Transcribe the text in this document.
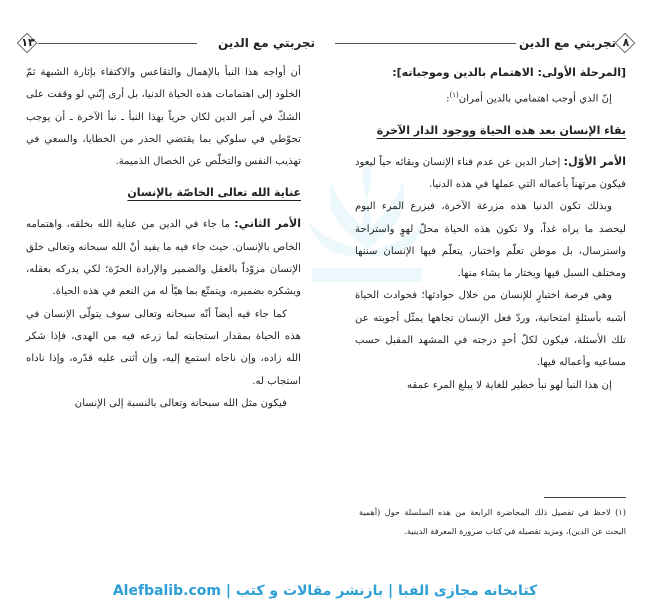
تجربتي مع الدين ٨

[المرحلة الأولى: الاهتمام بالدين وموجباته]:

إنّ الذي أوجب اهتمامي بالدين أمران$^{(١)}$:

بقاء الإنسان بعد هذه الحياة ووجود الدار الآخرة

الأمر الأوّل: إخبار الدين عن عدم فناء الإنسان وبقائه حياً ليعود فيكون مرتهناً بأعماله التي عملها في هذه الدنيا.

وبذلك تكون الدنيا هذه مزرعة الآخرة، فيزرع المرء اليوم ليحصد ما يراه غداً، ولا تكون هذه الحياة محلّ لهوٍ واستراحة واسترسال، بل موطن تعلّم واختبار، يتعلّم فيها الإنسان سننها ومختلف السبل فيها ويختار ما يشاء منها.

وهي فرصة اختبارٍ للإنسان من خلال حوادثها؛ فحوادث الحياة أشبه بأسئلةٍ امتحانية، وردّ فعل الإنسان تجاهها يمثّل أجوبته عن تلك الأسئلة، فيكون لكلّ أحدٍ درجته في المشهد المقبل حسب مساعيه وأعماله فيها.

إن هذا النبأ لهو نبأ خطير للغاية لا يبلغ المرء عمقه

(١) لاحظ في تفصيل ذلك المحاضرة الرابعة من هذه السلسلة حول (أهمية البحث عن الدين)، ومزيد تفصيله في كتاب ضرورة المعرفة الدينية.
تجربتي مع الدين
١٣

أن أواجه هذا النبأ بالإهمال والتقاعس والاكتفاء بإثارة الشبهة ثمّ الخلود إلى اهتمامات هذه الحياة الدنيا، بل أرى إنّني لو وقفت على الشكّ في أمر الدين لكان حرياً بهذا النبأ ـ نبأ الآخرة ـ أن يوجب تحوّطي في سلوكي بما يقتضي الحذر من الخطايا، والسعي في تهذيب النفس والتخلّص عن الخصال الذميمة.

عناية الله تعالى الخاصّة بالإنسان

الأمر الثاني: ما جاء في الدين من عناية الله بخلقه، واهتمامه الخاص بالإنسان. حيث جاء فيه ما يفيد أنّ الله سبحانه وتعالى خلق الإنسان مزوّداً بالعقل والضمير والإرادة الحرّة؛ لكي يدركه بعقله، ويشكره بضميره، ويتمتّع بما هيّأ له من النعم في هذه الحياة.

كما جاء فيه أيضاً أنّه سبحانه وتعالى سوف يتولّى الإنسان في هذه الحياة بمقدار استجابته لما زرعه فيه من الهدى، فإذا شكر الله زاده، وإن ناجاه استمع إليه، وإن أثنى عليه قدّره، وإذا ناداه استجاب له.

فيكون مثل الله سبحانه وتعالى بالنسبة إلى الإنسان

Alefbalib.com | كتابخانه مجازى الفبا | بازنشر مقالات و كتب
